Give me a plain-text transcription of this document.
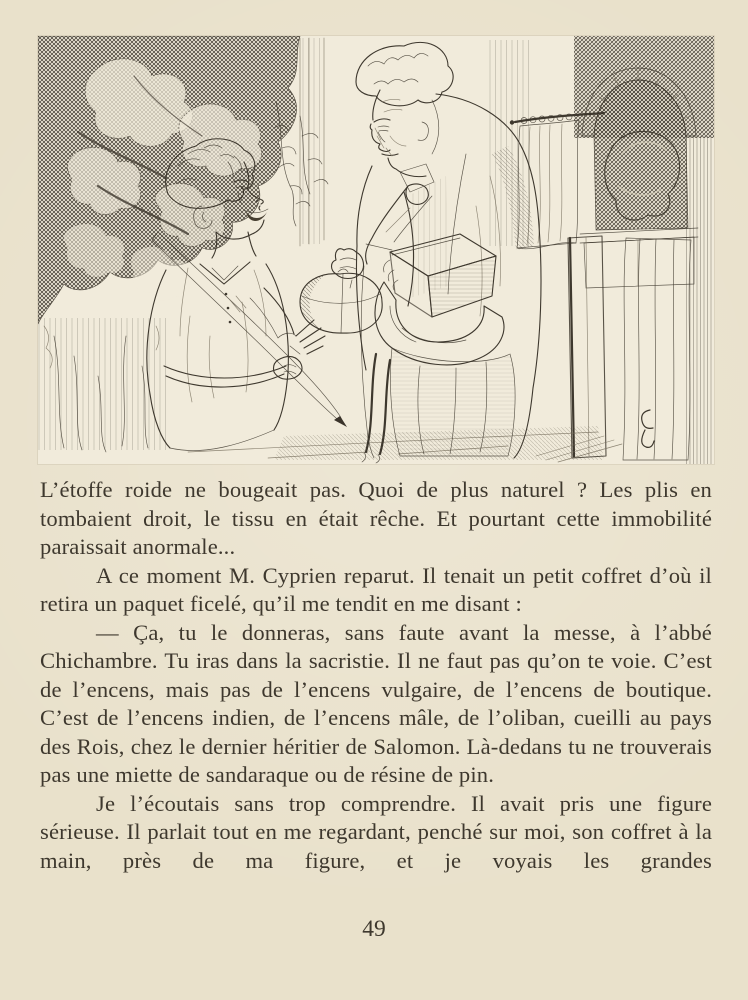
L’étoffe roide ne bougeait pas. Quoi de plus naturel ? Les plis en tombaient droit, le tissu en était rêche. Et pourtant cette immobilité paraissait anormale...

A ce moment M. Cyprien reparut. Il tenait un petit coffret d’où il retira un paquet ficelé, qu’il me tendit en me disant :

— Ça, tu le donneras, sans faute avant la messe, à l’abbé Chichambre. Tu iras dans la sacristie. Il ne faut pas qu’on te voie. C’est de l’encens, mais pas de l’encens vulgaire, de l’encens de boutique. C’est de l’encens indien, de l’encens mâle, de l’oliban, cueilli au pays des Rois, chez le dernier héritier de Salomon. Là-dedans tu ne trouverais pas une miette de sandaraque ou de résine de pin.

Je l’écoutais sans trop comprendre. Il avait pris une figure sérieuse. Il parlait tout en me regardant, penché sur moi, son coffret à la main, près de ma figure, et je voyais les grandes

49
